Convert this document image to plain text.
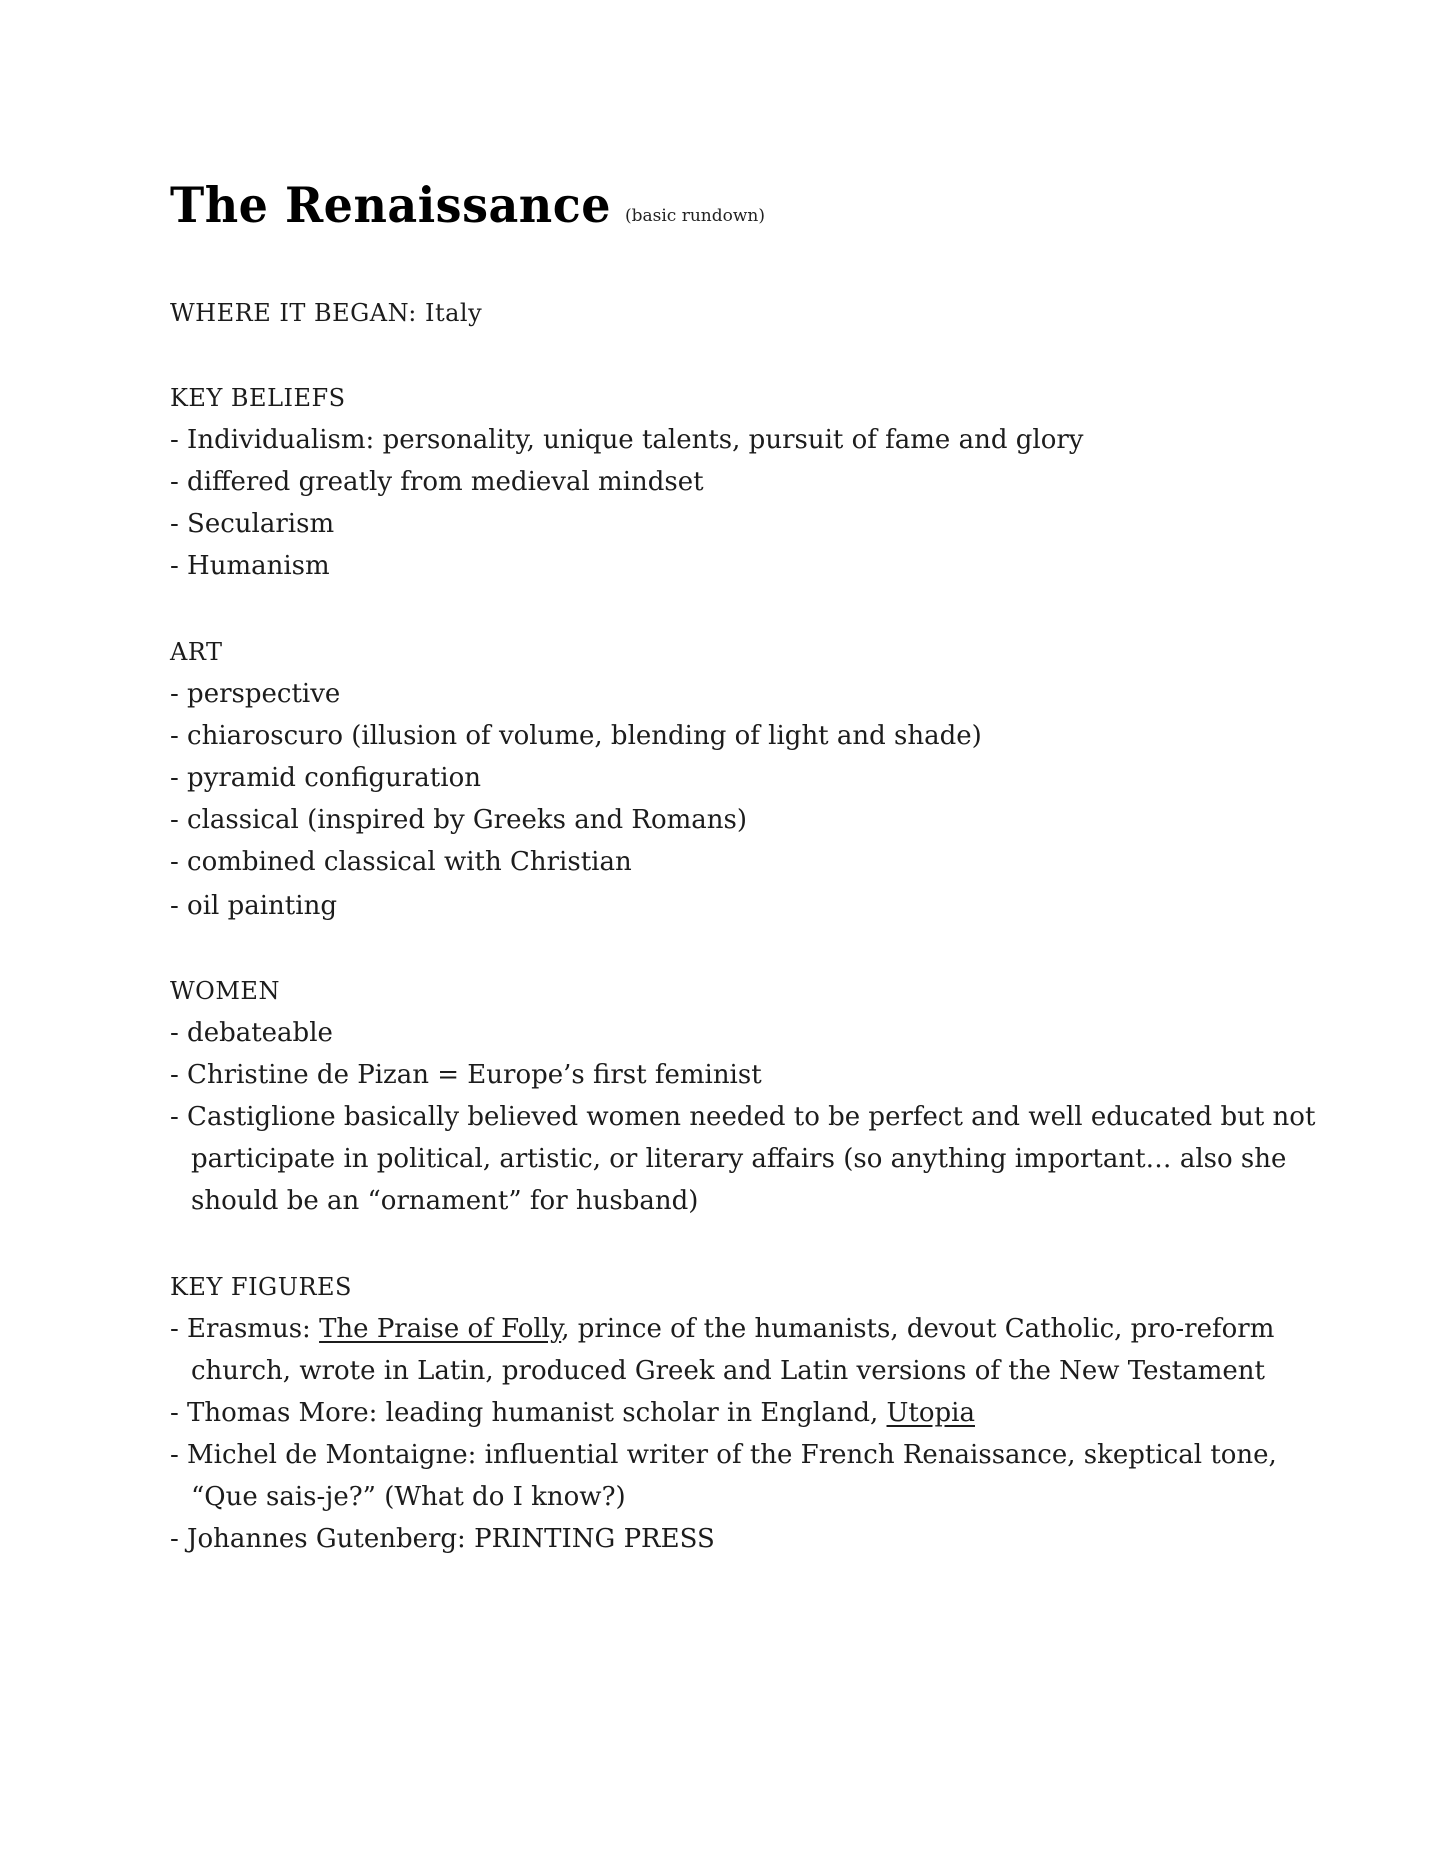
The Renaissance (basic rundown)
WHERE IT BEGAN: Italy
KEY BELIEFS
- Individualism: personality, unique talents, pursuit of fame and glory
- differed greatly from medieval mindset
- Secularism
- Humanism
ART
- perspective
- chiaroscuro (illusion of volume, blending of light and shade)
- pyramid configuration
- classical (inspired by Greeks and Romans)
- combined classical with Christian
- oil painting
WOMEN
- debateable
- Christine de Pizan = Europe’s first feminist
- Castiglione basically believed women needed to be perfect and well educated but not
participate in political, artistic, or literary affairs (so anything important… also she
should be an “ornament” for husband)
KEY FIGURES
- Erasmus: The Praise of Folly, prince of the humanists, devout Catholic, pro-reform
church, wrote in Latin, produced Greek and Latin versions of the New Testament
- Thomas More: leading humanist scholar in England, Utopia
- Michel de Montaigne: influential writer of the French Renaissance, skeptical tone,
“Que sais-je?” (What do I know?)
- Johannes Gutenberg: PRINTING PRESS
